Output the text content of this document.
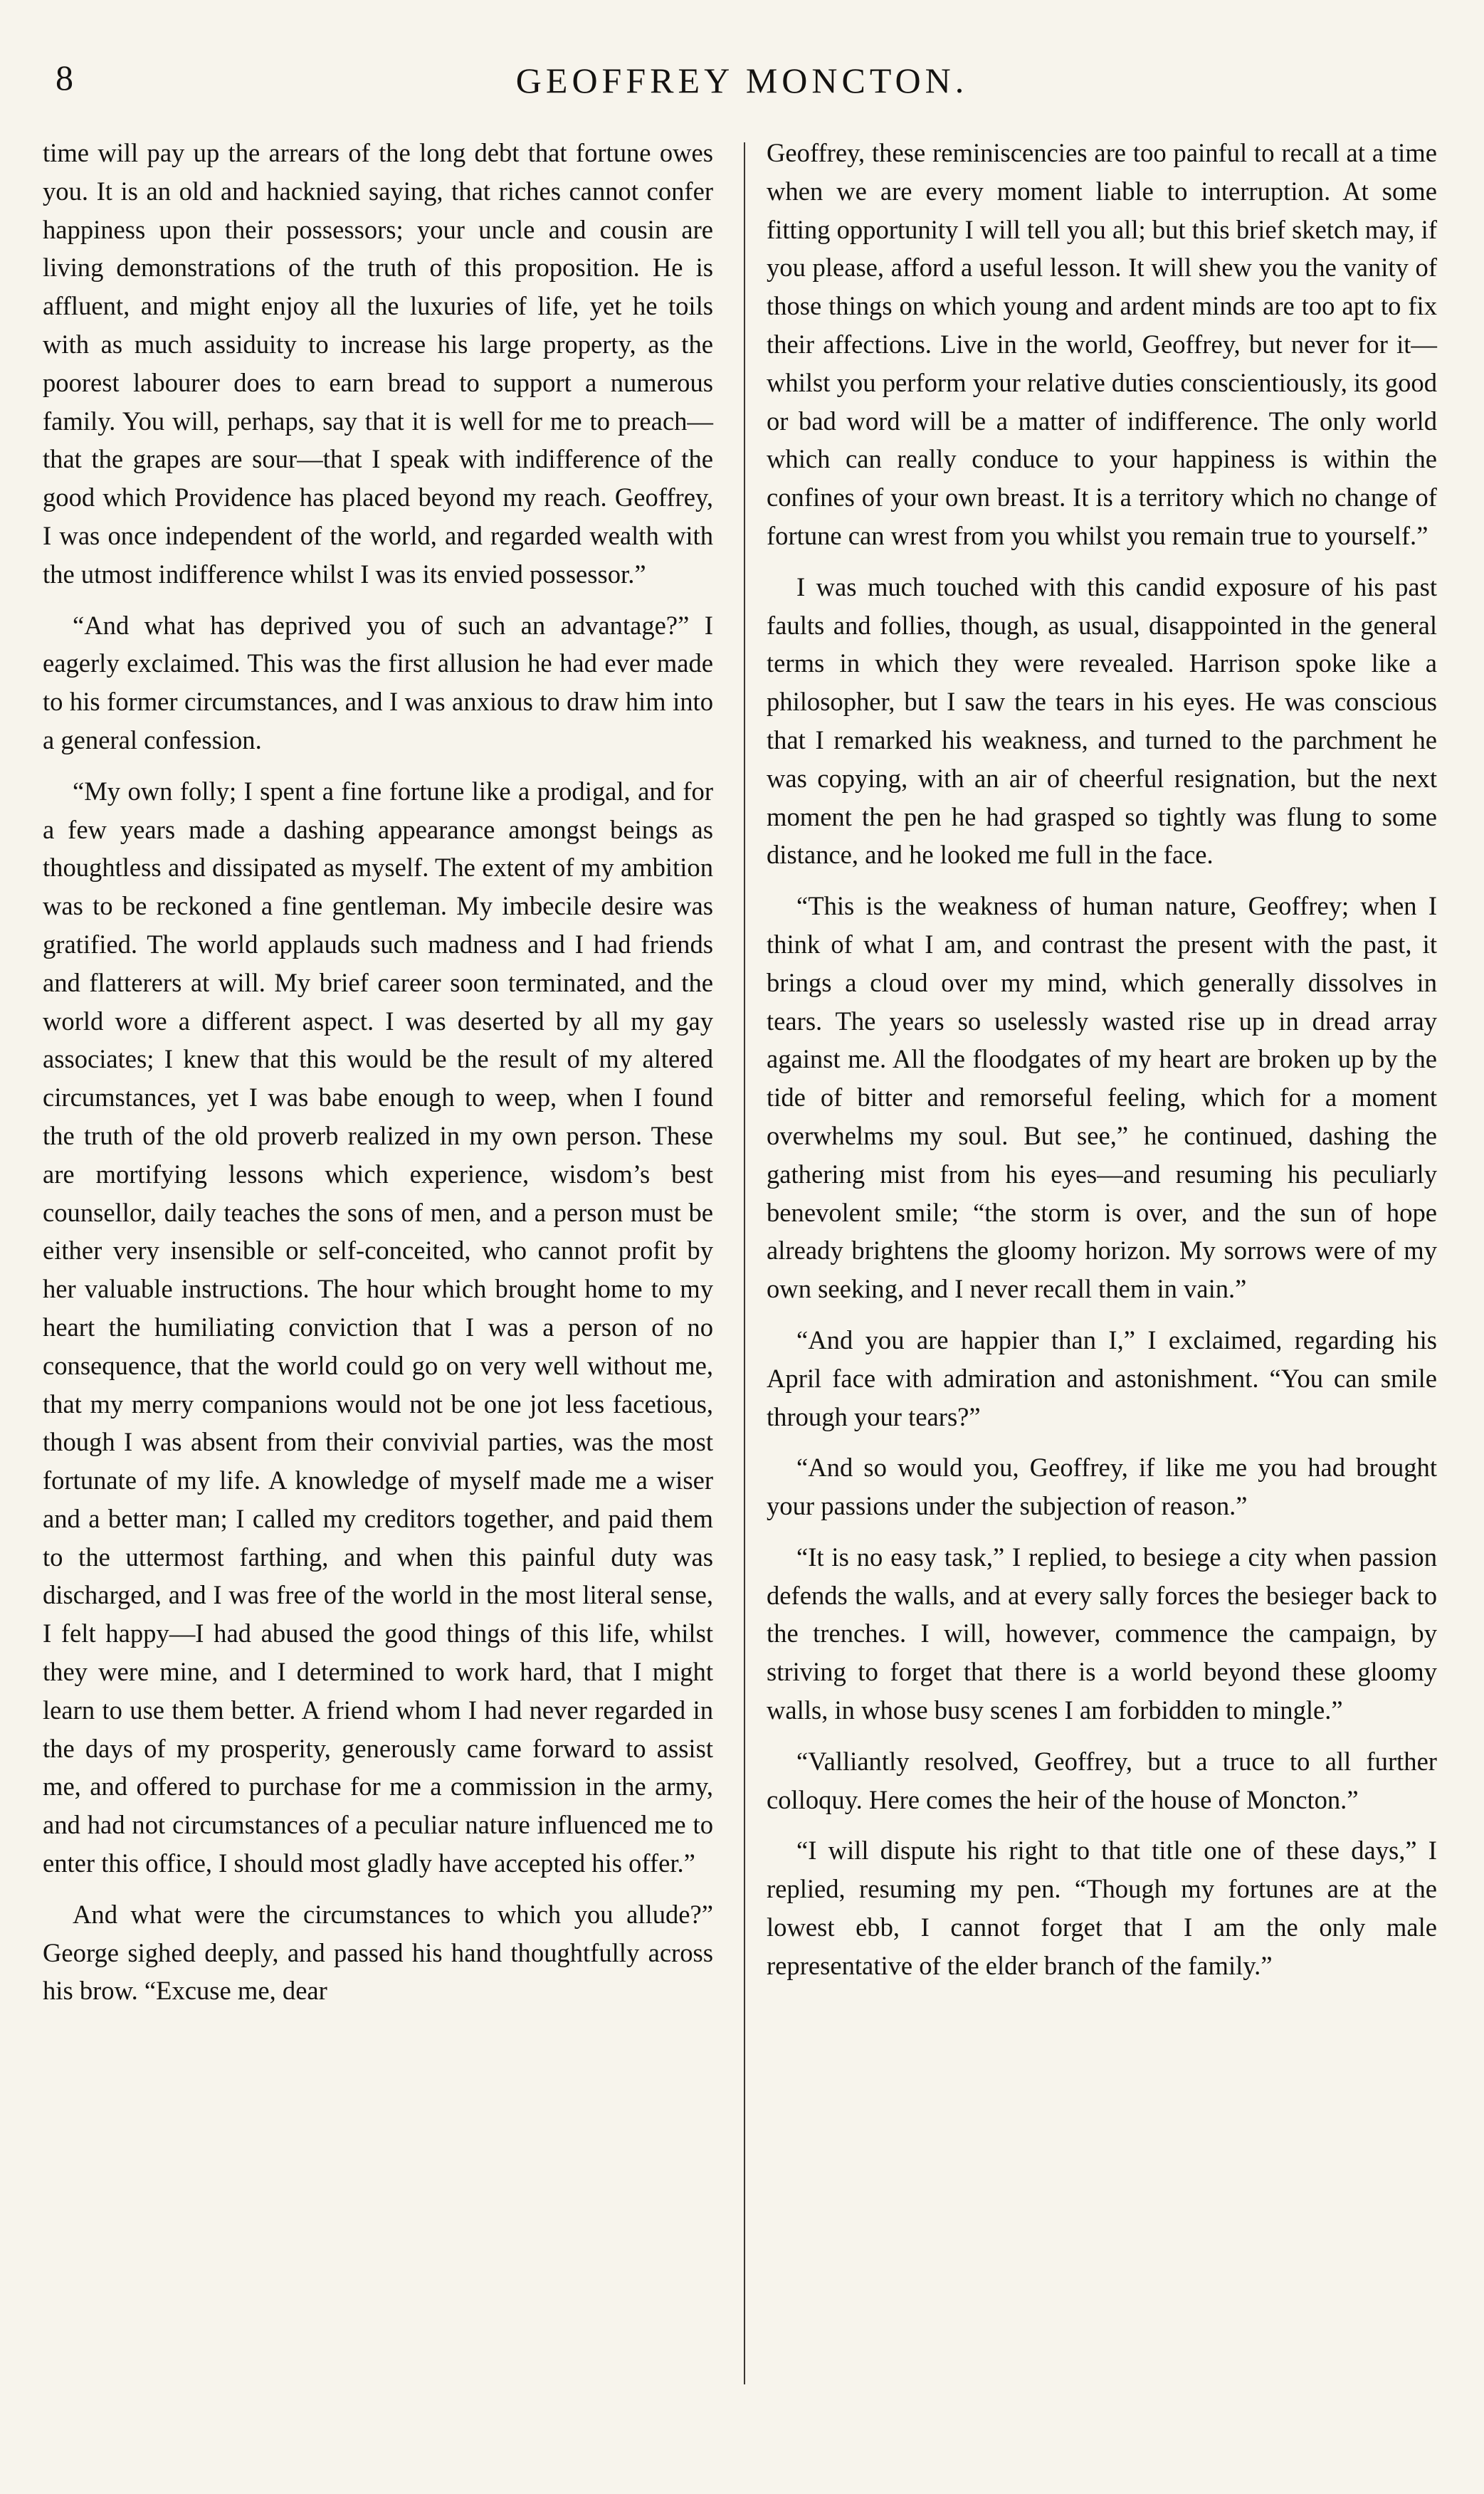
8	GEOFFREY MONCTON.

time will pay up the arrears of the long debt that fortune owes you. It is an old and hacknied saying, that riches cannot confer happiness upon their possessors; your uncle and cousin are living demonstrations of the truth of this proposition. He is affluent, and might enjoy all the luxuries of life, yet he toils with as much assiduity to increase his large property, as the poorest labourer does to earn bread to support a numerous family. You will, perhaps, say that it is well for me to preach—that the grapes are sour—that I speak with indifference of the good which Providence has placed beyond my reach. Geoffrey, I was once independent of the world, and regarded wealth with the utmost indifference whilst I was its envied possessor.”

“And what has deprived you of such an advantage?” I eagerly exclaimed. This was the first allusion he had ever made to his former circumstances, and I was anxious to draw him into a general confession.

“My own folly; I spent a fine fortune like a prodigal, and for a few years made a dashing appearance amongst beings as thoughtless and dissipated as myself. The extent of my ambition was to be reckoned a fine gentleman. My imbecile desire was gratified. The world applauds such madness and I had friends and flatterers at will. My brief career soon terminated, and the world wore a different aspect. I was deserted by all my gay associates; I knew that this would be the result of my altered circumstances, yet I was babe enough to weep, when I found the truth of the old proverb realized in my own person. These are mortifying lessons which experience, wisdom’s best counsellor, daily teaches the sons of men, and a person must be either very insensible or self-conceited, who cannot profit by her valuable instructions. The hour which brought home to my heart the humiliating conviction that I was a person of no consequence, that the world could go on very well without me, that my merry companions would not be one jot less facetious, though I was absent from their convivial parties, was the most fortunate of my life. A knowledge of myself made me a wiser and a better man; I called my creditors together, and paid them to the uttermost farthing, and when this painful duty was discharged, and I was free of the world in the most literal sense, I felt happy—I had abused the good things of this life, whilst they were mine, and I determined to work hard, that I might learn to use them better. A friend whom I had never regarded in the days of my prosperity, generously came forward to assist me, and offered to purchase for me a commission in the army, and had not circumstances of a peculiar nature influenced me to enter this office, I should most gladly have accepted his offer.”

And what were the circumstances to which you allude?” George sighed deeply, and passed his hand thoughtfully across his brow. “Excuse me, dear

Geoffrey, these reminiscencies are too painful to recall at a time when we are every moment liable to interruption. At some fitting opportunity I will tell you all; but this brief sketch may, if you please, afford a useful lesson. It will shew you the vanity of those things on which young and ardent minds are too apt to fix their affections. Live in the world, Geoffrey, but never for it—whilst you perform your relative duties conscientiously, its good or bad word will be a matter of indifference. The only world which can really conduce to your happiness is within the confines of your own breast. It is a territory which no change of fortune can wrest from you whilst you remain true to yourself.”

I was much touched with this candid exposure of his past faults and follies, though, as usual, disappointed in the general terms in which they were revealed. Harrison spoke like a philosopher, but I saw the tears in his eyes. He was conscious that I remarked his weakness, and turned to the parchment he was copying, with an air of cheerful resignation, but the next moment the pen he had grasped so tightly was flung to some distance, and he looked me full in the face.

“This is the weakness of human nature, Geoffrey; when I think of what I am, and contrast the present with the past, it brings a cloud over my mind, which generally dissolves in tears. The years so uselessly wasted rise up in dread array against me. All the floodgates of my heart are broken up by the tide of bitter and remorseful feeling, which for a moment overwhelms my soul. But see,” he continued, dashing the gathering mist from his eyes—and resuming his peculiarly benevolent smile; “the storm is over, and the sun of hope already brightens the gloomy horizon. My sorrows were of my own seeking, and I never recall them in vain.”

“And you are happier than I,” I exclaimed, regarding his April face with admiration and astonishment. “You can smile through your tears?”

“And so would you, Geoffrey, if like me you had brought your passions under the subjection of reason.”

“It is no easy task,” I replied, to besiege a city when passion defends the walls, and at every sally forces the besieger back to the trenches. I will, however, commence the campaign, by striving to forget that there is a world beyond these gloomy walls, in whose busy scenes I am forbidden to mingle.”

“Valliantly resolved, Geoffrey, but a truce to all further colloquy. Here comes the heir of the house of Moncton.”

“I will dispute his right to that title one of these days,” I replied, resuming my pen. “Though my fortunes are at the lowest ebb, I cannot forget that I am the only male representative of the elder branch of the family.”
